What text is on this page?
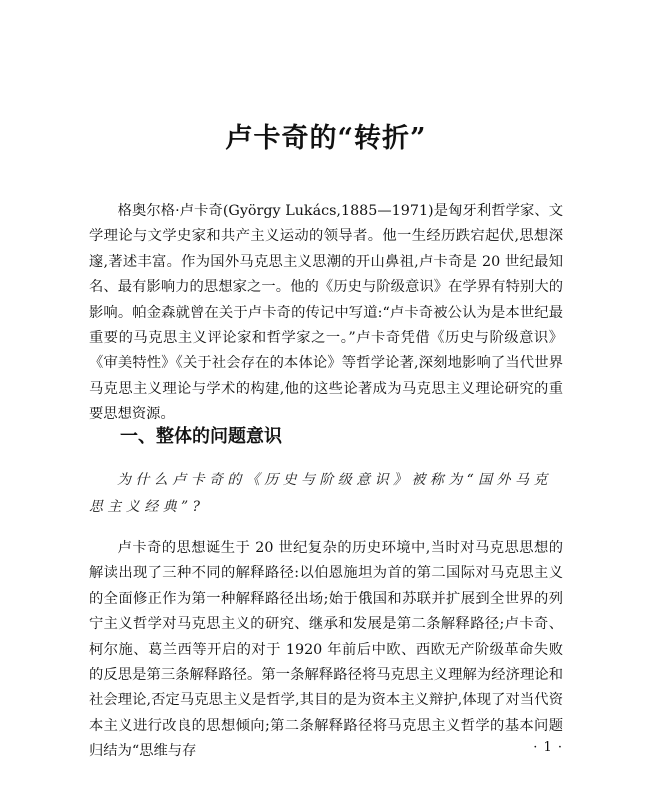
卢卡奇的“转折”

格奥尔格·卢卡奇(György Lukács,1885—1971)是匈牙利哲学家、文学理论与文学史家和共产主义运动的领导者。他一生经历跌宕起伏,思想深邃,著述丰富。作为国外马克思主义思潮的开山鼻祖,卢卡奇是 20 世纪最知名、最有影响力的思想家之一。他的《历史与阶级意识》在学界有特别大的影响。帕金森就曾在关于卢卡奇的传记中写道:“卢卡奇被公认为是本世纪最重要的马克思主义评论家和哲学家之一。”卢卡奇凭借《历史与阶级意识》《审美特性》《关于社会存在的本体论》等哲学论著,深刻地影响了当代世界马克思主义理论与学术的构建,他的这些论著成为马克思主义理论研究的重要思想资源。

一、整体的问题意识

为什么卢卡奇的《历史与阶级意识》被称为“国外马克思主义经典”?

卢卡奇的思想诞生于 20 世纪复杂的历史环境中,当时对马克思思想的解读出现了三种不同的解释路径:以伯恩施坦为首的第二国际对马克思主义的全面修正作为第一种解释路径出场;始于俄国和苏联并扩展到全世界的列宁主义哲学对马克思主义的研究、继承和发展是第二条解释路径;卢卡奇、柯尔施、葛兰西等开启的对于 1920 年前后中欧、西欧无产阶级革命失败的反思是第三条解释路径。第一条解释路径将马克思主义理解为经济理论和社会理论,否定马克思主义是哲学,其目的是为资本主义辩护,体现了对当代资本主义进行改良的思想倾向;第二条解释路径将马克思主义哲学的基本问题归结为“思维与存	· 1 ·
